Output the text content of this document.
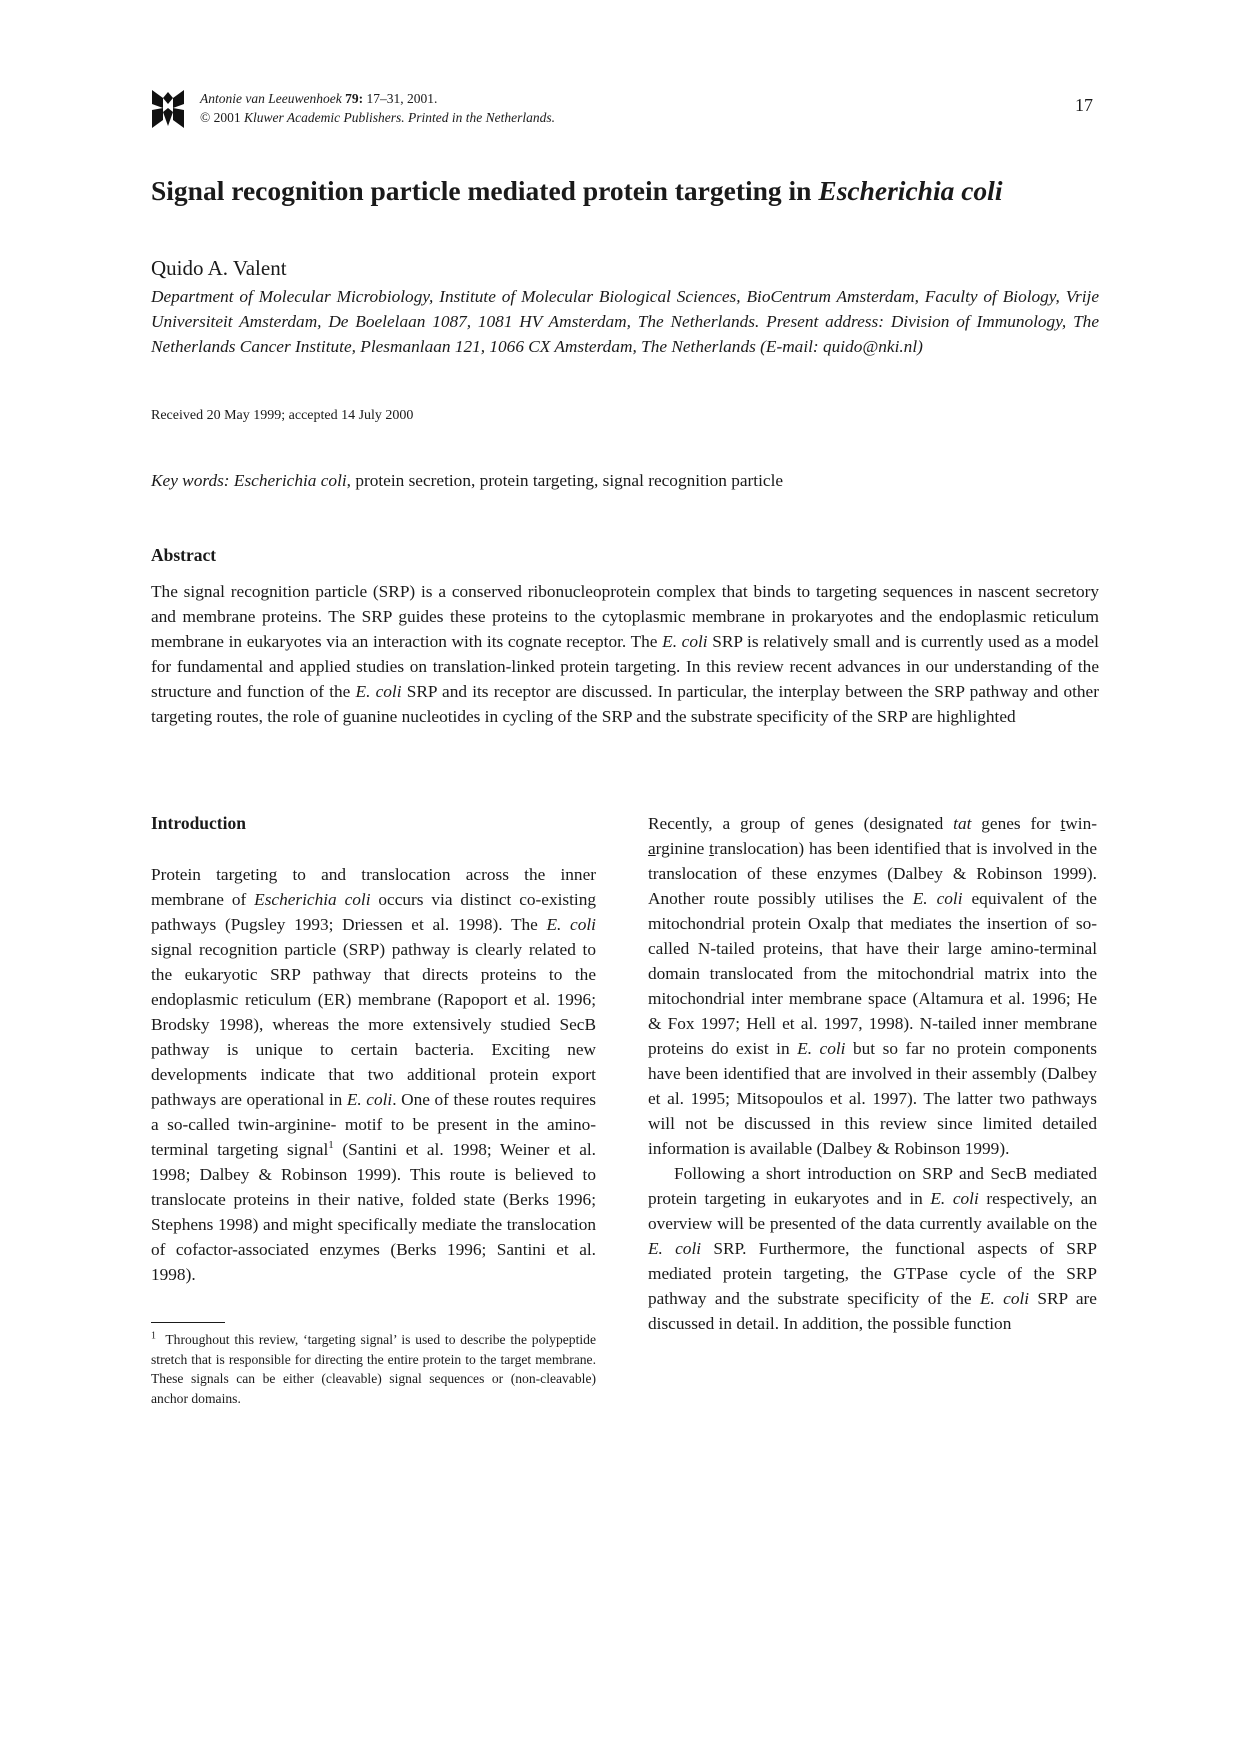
Antonie van Leeuwenhoek 79: 17–31, 2001.
© 2001 Kluwer Academic Publishers. Printed in the Netherlands.
17
Signal recognition particle mediated protein targeting in Escherichia coli
Quido A. Valent

Department of Molecular Microbiology, Institute of Molecular Biological Sciences, BioCentrum Amsterdam, Faculty of Biology, Vrije Universiteit Amsterdam, De Boelelaan 1087, 1081 HV Amsterdam, The Netherlands. Present address: Division of Immunology, The Netherlands Cancer Institute, Plesmanlaan 121, 1066 CX Amsterdam, The Netherlands (E-mail: quido@nki.nl)

Received 20 May 1999; accepted 14 July 2000
Key words: Escherichia coli, protein secretion, protein targeting, signal recognition particle
Abstract

The signal recognition particle (SRP) is a conserved ribonucleoprotein complex that binds to targeting sequences in nascent secretory and membrane proteins. The SRP guides these proteins to the cytoplasmic membrane in prokaryotes and the endoplasmic reticulum membrane in eukaryotes via an interaction with its cognate receptor. The E. coli SRP is relatively small and is currently used as a model for fundamental and applied studies on translation-linked protein targeting. In this review recent advances in our understanding of the structure and function of the E. coli SRP and its receptor are discussed. In particular, the interplay between the SRP pathway and other targeting routes, the role of guanine nucleotides in cycling of the SRP and the substrate specificity of the SRP are highlighted

Introduction

Protein targeting to and translocation across the inner membrane of Escherichia coli occurs via distinct co-existing pathways (Pugsley 1993; Driessen et al. 1998). The E. coli signal recognition particle (SRP) pathway is clearly related to the eukaryotic SRP pathway that directs proteins to the endoplasmic reticulum (ER) membrane (Rapoport et al. 1996; Brodsky 1998), whereas the more extensively studied SecB pathway is unique to certain bacteria. Exciting new developments indicate that two additional protein export pathways are operational in E. coli. One of these routes requires a so-called twin-arginine- motif to be present in the amino-terminal targeting signal$^1$ (Santini et al. 1998; Weiner et al. 1998; Dalbey & Robinson 1999). This route is believed to translocate proteins in their native, folded state (Berks 1996; Stephens 1998) and might specifically mediate the translocation of cofactor-associated enzymes (Berks 1996; Santini et al. 1998).

$^1$ Throughout this review, ‘targeting signal’ is used to describe the polypeptide stretch that is responsible for directing the entire protein to the target membrane. These signals can be either (cleavable) signal sequences or (non-cleavable) anchor domains.

Recently, a group of genes (designated tat genes for twin-arginine translocation) has been identified that is involved in the translocation of these enzymes (Dalbey & Robinson 1999). Another route possibly utilises the E. coli equivalent of the mitochondrial protein Oxalp that mediates the insertion of so-called N-tailed proteins, that have their large amino-terminal domain translocated from the mitochondrial matrix into the mitochondrial inter membrane space (Altamura et al. 1996; He & Fox 1997; Hell et al. 1997, 1998). N-tailed inner membrane proteins do exist in E. coli but so far no protein components have been identified that are involved in their assembly (Dalbey et al. 1995; Mitsopoulos et al. 1997). The latter two pathways will not be discussed in this review since limited detailed information is available (Dalbey & Robinson 1999).

Following a short introduction on SRP and SecB mediated protein targeting in eukaryotes and in E. coli respectively, an overview will be presented of the data currently available on the E. coli SRP. Furthermore, the functional aspects of SRP mediated protein targeting, the GTPase cycle of the SRP pathway and the substrate specificity of the E. coli SRP are discussed in detail. In addition, the possible function
